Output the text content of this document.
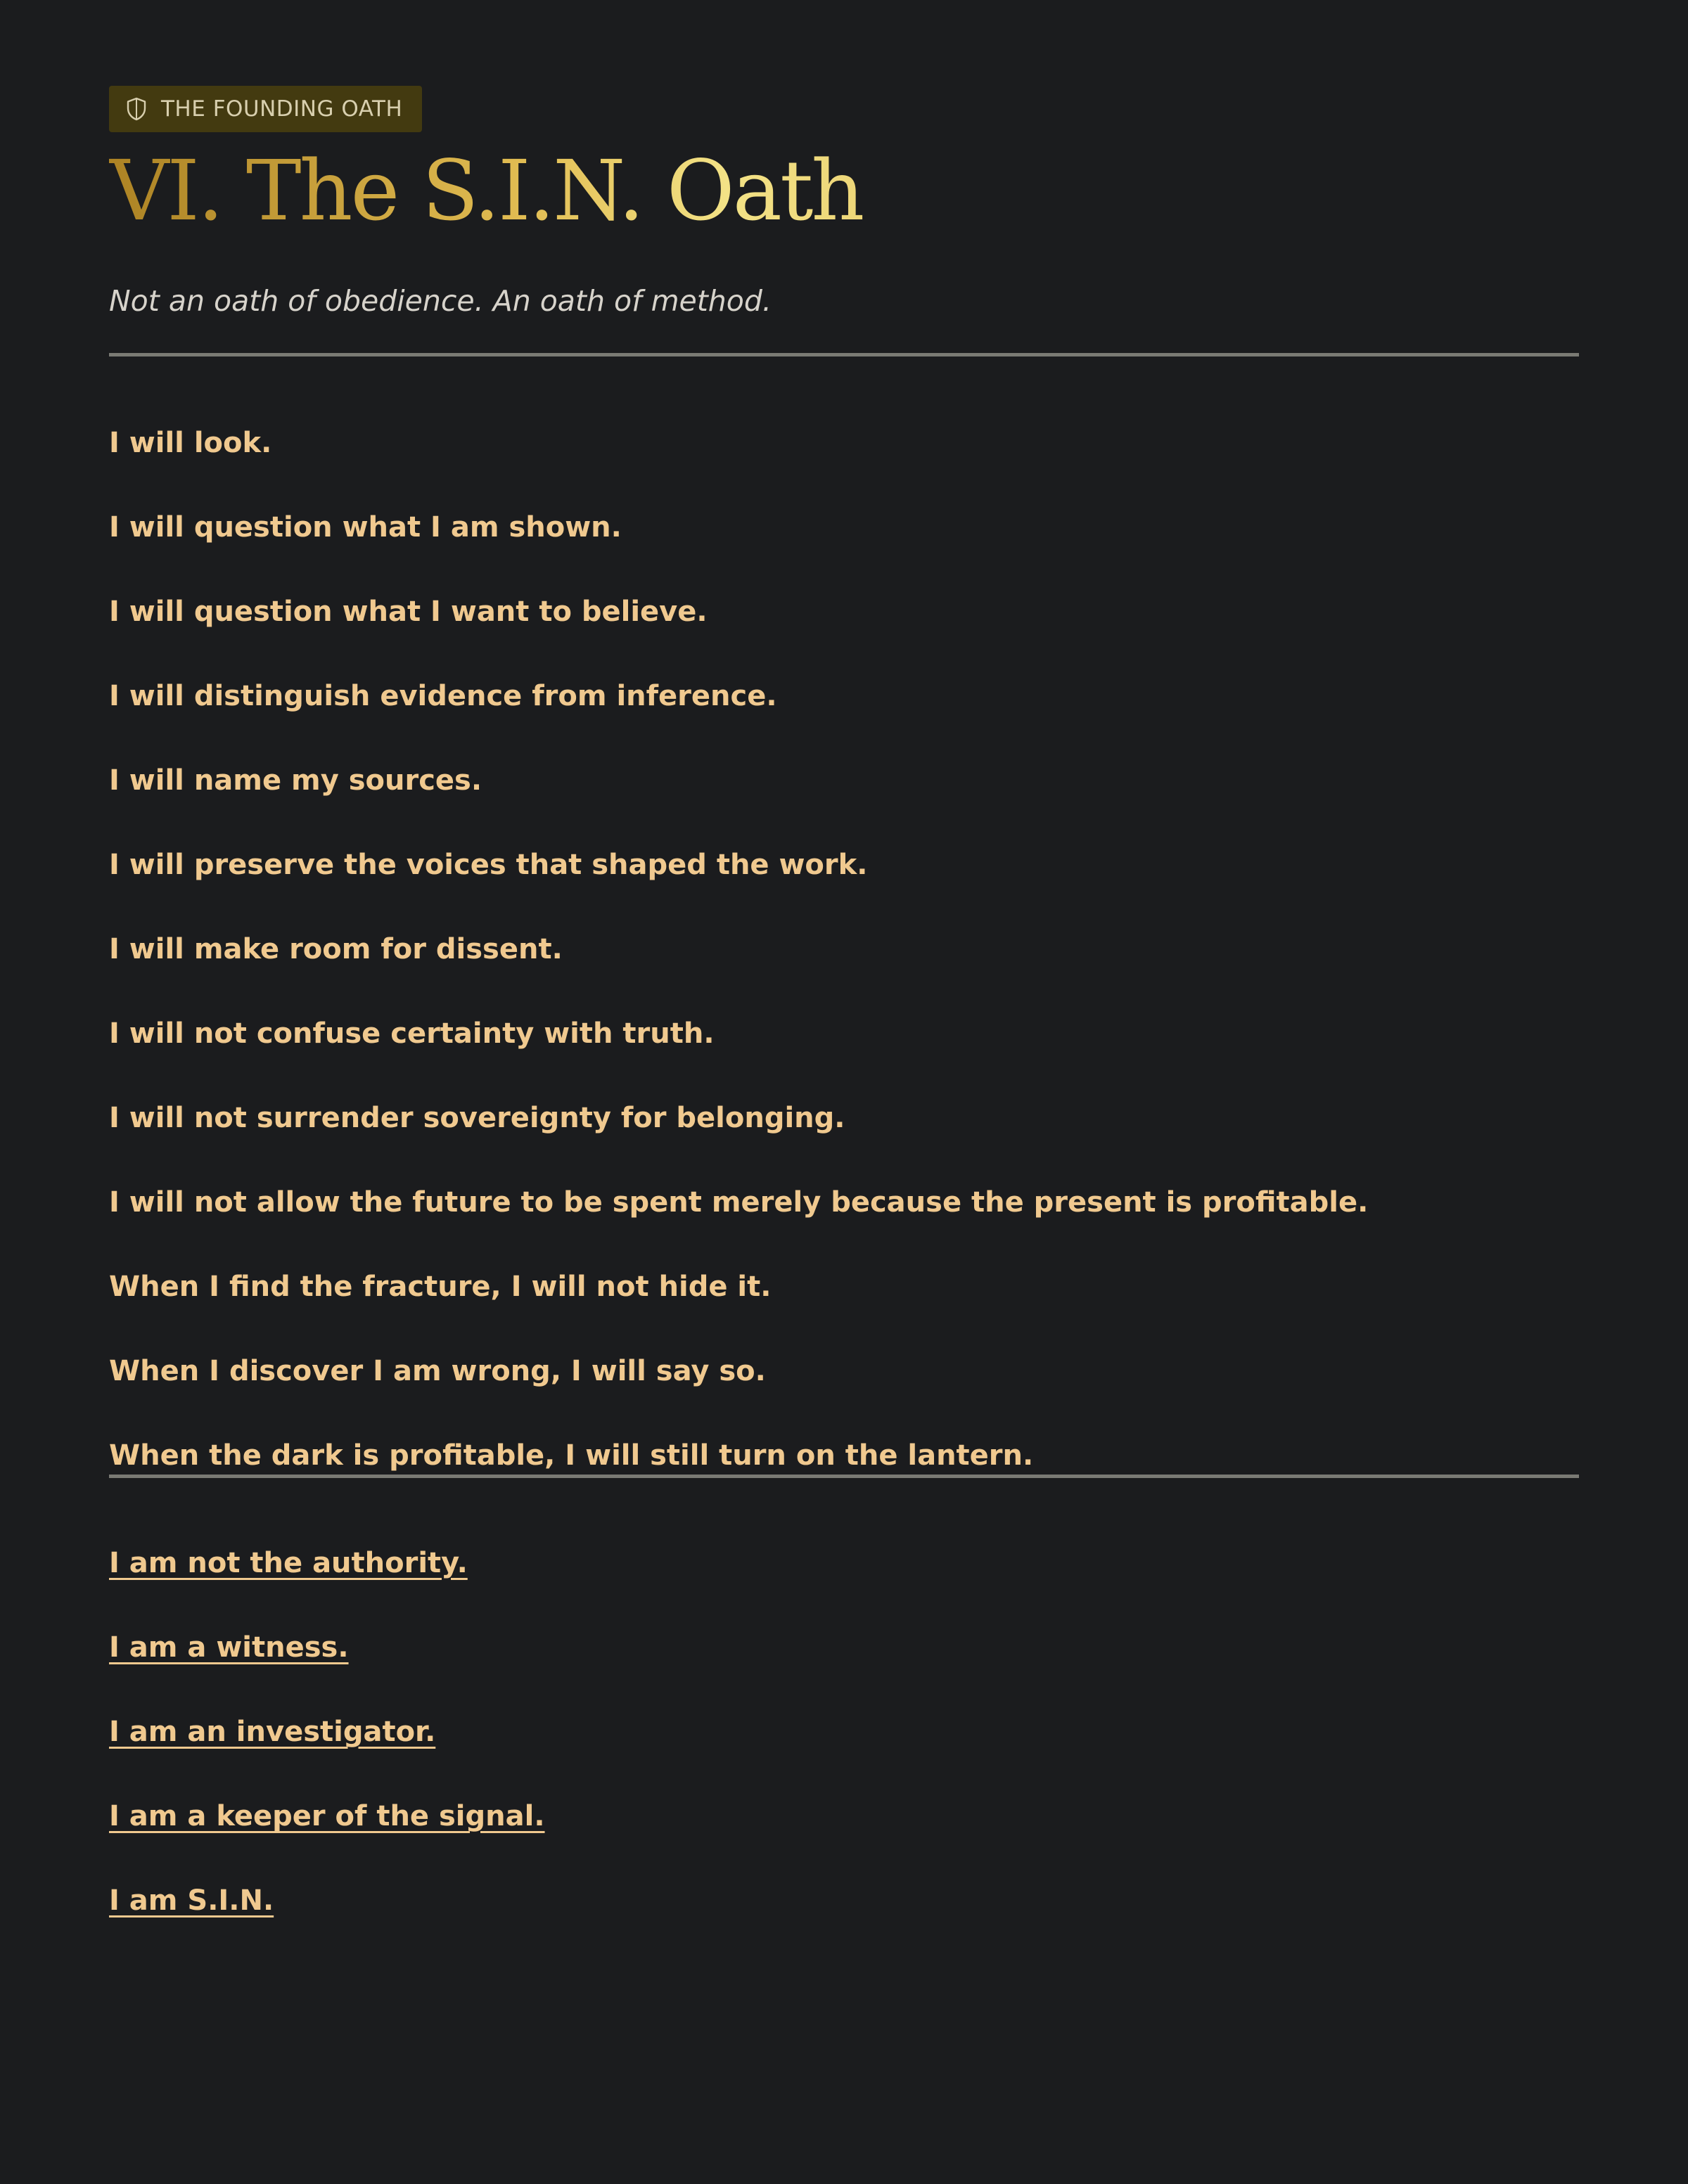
THE FOUNDING OATH
VI. The S.I.N. Oath

Not an oath of obedience. An oath of method.

I will look.
I will question what I am shown.
I will question what I want to believe.
I will distinguish evidence from inference.
I will name my sources.
I will preserve the voices that shaped the work.
I will make room for dissent.
I will not confuse certainty with truth.
I will not surrender sovereignty for belonging.
I will not allow the future to be spent merely because the present is profitable.
When I find the fracture, I will not hide it.
When I discover I am wrong, I will say so.
When the dark is profitable, I will still turn on the lantern.
I am not the authority.
I am a witness.
I am an investigator.
I am a keeper of the signal.
I am S.I.N.
